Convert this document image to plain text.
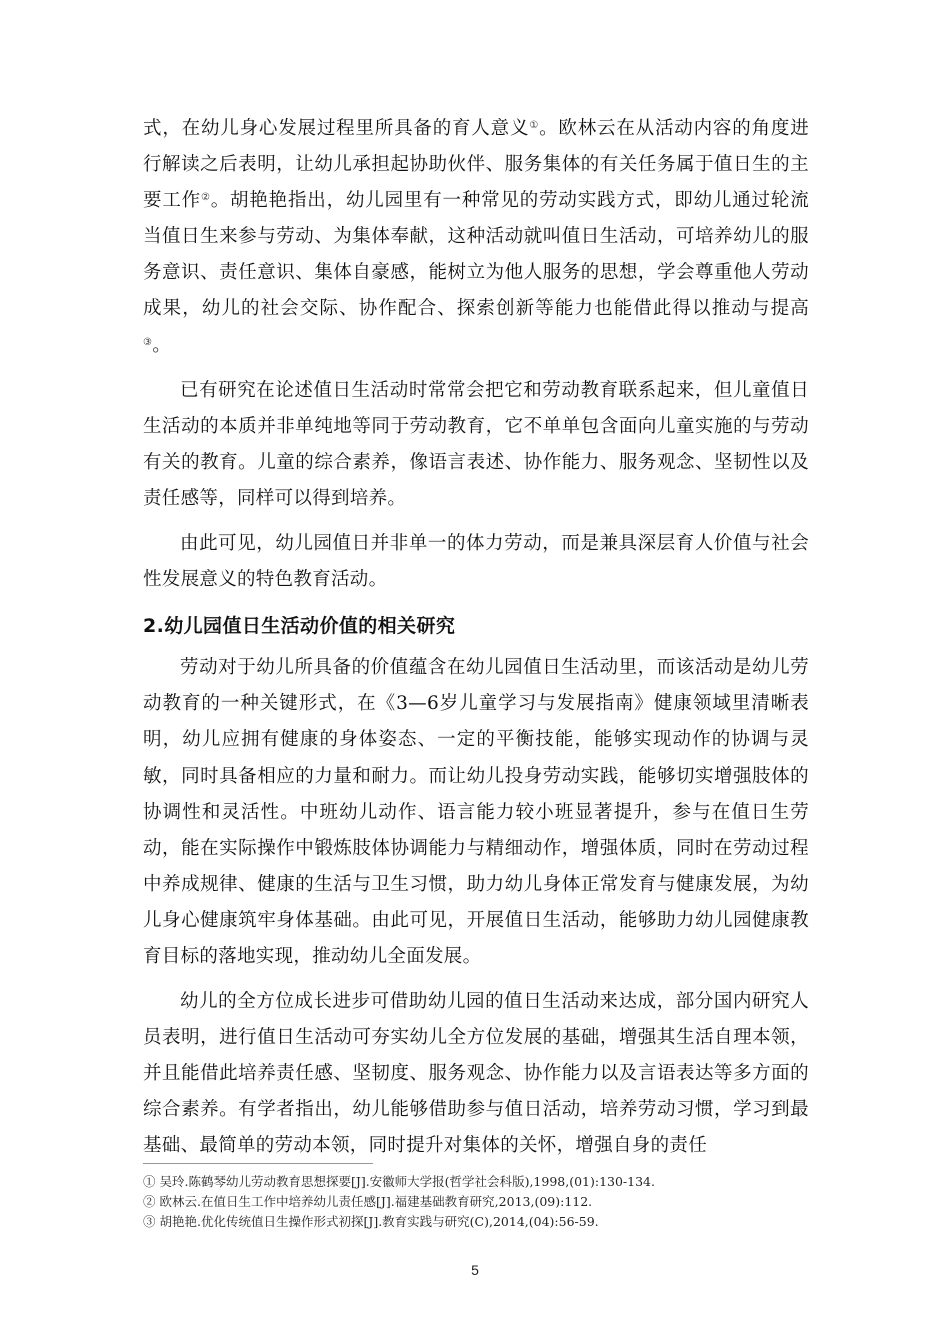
式，在幼儿身心发展过程里所具备的育人意义①。欧林云在从活动内容的角度进行解读之后表明，让幼儿承担起协助伙伴、服务集体的有关任务属于值日生的主要工作②。胡艳艳指出，幼儿园里有一种常见的劳动实践方式，即幼儿通过轮流当值日生来参与劳动、为集体奉献，这种活动就叫值日生活动，可培养幼儿的服务意识、责任意识、集体自豪感，能树立为他人服务的思想，学会尊重他人劳动成果，幼儿的社会交际、协作配合、探索创新等能力也能借此得以推动与提高③。

已有研究在论述值日生活动时常常会把它和劳动教育联系起来，但儿童值日生活动的本质并非单纯地等同于劳动教育，它不单单包含面向儿童实施的与劳动有关的教育。儿童的综合素养，像语言表述、协作能力、服务观念、坚韧性以及责任感等，同样可以得到培养。

由此可见，幼儿园值日并非单一的体力劳动，而是兼具深层育人价值与社会性发展意义的特色教育活动。

2.幼儿园值日生活动价值的相关研究

劳动对于幼儿所具备的价值蕴含在幼儿园值日生活动里，而该活动是幼儿劳动教育的一种关键形式，在《3—6岁儿童学习与发展指南》健康领域里清晰表明，幼儿应拥有健康的身体姿态、一定的平衡技能，能够实现动作的协调与灵敏，同时具备相应的力量和耐力。而让幼儿投身劳动实践，能够切实增强肢体的协调性和灵活性。中班幼儿动作、语言能力较小班显著提升，参与在值日生劳动，能在实际操作中锻炼肢体协调能力与精细动作，增强体质，同时在劳动过程中养成规律、健康的生活与卫生习惯，助力幼儿身体正常发育与健康发展，为幼儿身心健康筑牢身体基础。由此可见，开展值日生活动，能够助力幼儿园健康教育目标的落地实现，推动幼儿全面发展。

幼儿的全方位成长进步可借助幼儿园的值日生活动来达成，部分国内研究人员表明，进行值日生活动可夯实幼儿全方位发展的基础，增强其生活自理本领，并且能借此培养责任感、坚韧度、服务观念、协作能力以及言语表达等多方面的综合素养。有学者指出，幼儿能够借助参与值日活动，培养劳动习惯，学习到最基础、最简单的劳动本领，同时提升对集体的关怀，增强自身的责任

① 吴玲.陈鹤琴幼儿劳动教育思想探要[J].安徽师大学报(哲学社会科版),1998,(01):130-134.

② 欧林云.在值日生工作中培养幼儿责任感[J].福建基础教育研究,2013,(09):112.

③ 胡艳艳.优化传统值日生操作形式初探[J].教育实践与研究(C),2014,(04):56-59.

5
